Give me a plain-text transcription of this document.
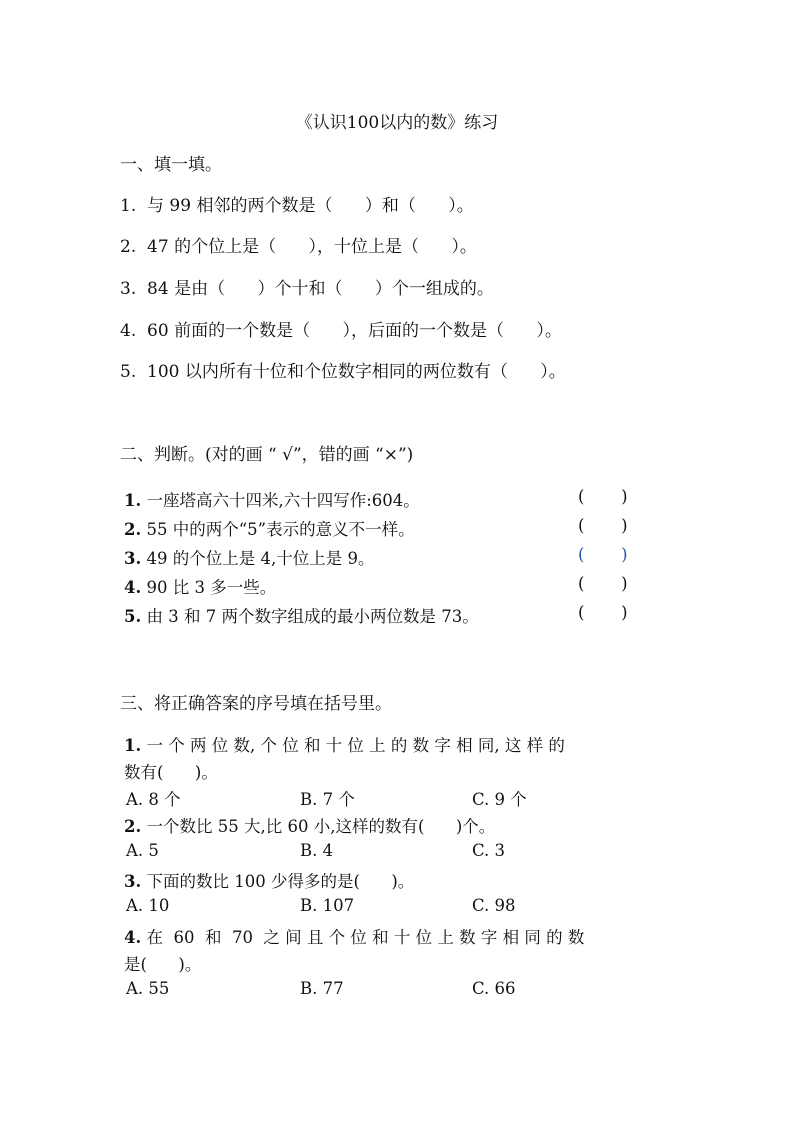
《认识100以内的数》练习
一、填一填。
1.  与 99 相邻的两个数是（      ）和（      ）。
2.  47 的个位上是（      ），十位上是（      ）。
3.  84 是由（      ）个十和（      ）个一组成的。
4.  60 前面的一个数是（      ），后面的一个数是（      ）。
5.  100 以内所有十位和个位数字相同的两位数有（      ）。
二、判断。(对的画 “ √”，错的画 “×”)
1. 一座塔高六十四米,六十四写作:604。	(       )
2. 55 中的两个“5”表示的意义不一样。	(       )
3. 49 的个位上是 4,十位上是 9。	(       )
4. 90 比 3 多一些。	(       )
5. 由 3 和 7 两个数字组成的最小两位数是 73。	(       )
三、将正确答案的序号填在括号里。
1. 一 个 两 位 数, 个 位 和 十 位 上 的 数 字 相 同, 这 样 的
数有(      )。
A. 8 个	B. 7 个	C. 9 个
2. 一个数比 55 大,比 60 小,这样的数有(      )个。
A. 5	B. 4	C. 3
3. 下面的数比 100 少得多的是(      )。
A. 10	B. 107	C. 98
4. 在  60  和  70  之 间 且 个 位 和 十 位 上 数 字 相 同 的 数
是(      )。
A. 55	B. 77	C. 66
